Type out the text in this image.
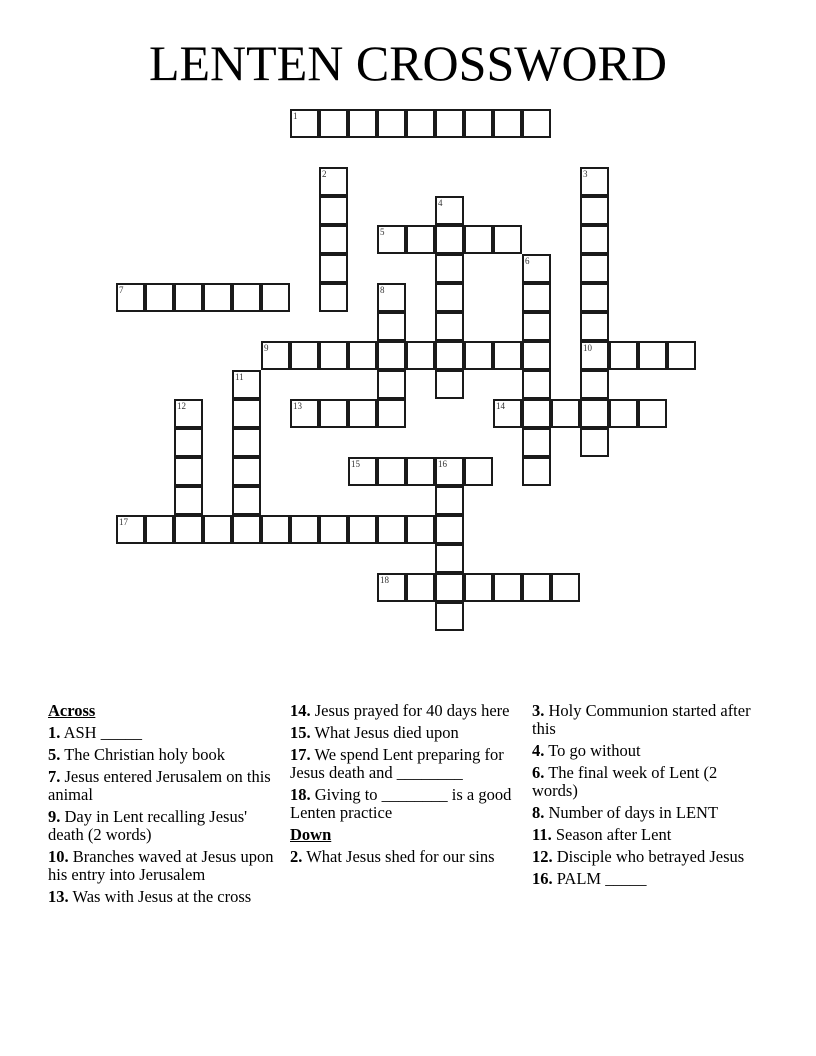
LENTEN CROSSWORD
1
2	3
10
4
5
6
7	8
9
11
12	13	14
15	16
17
18
Across
1. ASH _____
5. The Christian holy book
7. Jesus entered Jerusalem on this animal
9. Day in Lent recalling Jesus' death (2 words)
10. Branches waved at Jesus upon his entry into Jerusalem
13. Was with Jesus at the cross
14. Jesus prayed for 40 days here
15. What Jesus died upon
17. We spend Lent preparing for Jesus death and ________
18. Giving to ________ is a good Lenten practice
Down
2. What Jesus shed for our sins
3. Holy Communion started after this
4. To go without
6. The final week of Lent (2 words)
8. Number of days in LENT
11. Season after Lent
12. Disciple who betrayed Jesus
16. PALM _____
